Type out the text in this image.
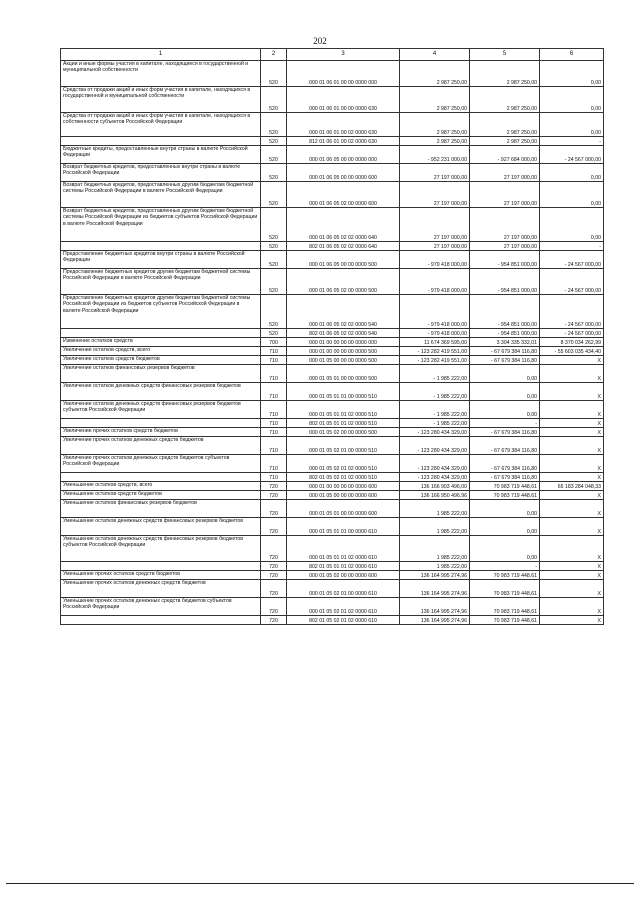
202
1	2	3	4	5	6
Акции и иные формы участия в капитале, находящиеся в государственной и муниципальной собственности	520	000 01 06 01 00 00 0000 000	2 987 250,00	2 987 250,00	0,00
Средства от продажи акций и иных форм участия в капитале, находящихся в государственной и муниципальной собственности	520	000 01 06 01 00 00 0000 630	2 987 250,00	2 987 250,00	0,00
Средства от продажи акций и иных форм участия в капитале, находящихся в собственности субъектов Российской Федерации	520	000 01 06 01 00 02 0000 630	2 987 250,00	2 987 250,00	0,00
	520	812 01 06 01 00 02 0000 630	2 987 250,00	2 987 250,00	-
Бюджетные кредиты, предоставленные внутри страны в валюте Российской Федерации	520	000 01 06 05 00 00 0000 000	- 952 231 000,00	- 927 684 000,00	- 24 567 000,00
Возврат бюджетных кредитов, предоставленных внутри страны в валюте Российской Федерации	520	000 01 06 05 00 00 0000 600	27 197 000,00	27 197 000,00	0,00
Возврат бюджетных кредитов, предоставленных другим бюджетам бюджетной системы Российской Федерации в валюте Российской Федерации	520	000 01 06 05 02 00 0000 600	27 197 000,00	27 197 000,00	0,00
Возврат бюджетных кредитов, предоставленных другим бюджетам бюджетной системы Российской Федерации из бюджетов субъектов Российской Федерации в валюте Российской Федерации	520	000 01 06 05 02 02 0000 640	27 197 000,00	27 197 000,00	0,00
	520	802 01 06 05 02 02 0000 640	27 197 000,00	27 197 000,00	-
Предоставление бюджетных кредитов внутри страны в валюте Российской Федерации	520	000 01 06 05 00 00 0000 500	- 979 418 000,00	- 954 851 000,00	- 24 567 000,00
Предоставление бюджетных кредитов другим бюджетам бюджетной системы Российской Федерации в валюте Российской Федерации	520	000 01 06 05 02 00 0000 500	- 979 418 000,00	- 954 851 000,00	- 24 567 000,00
Предоставление бюджетных кредитов другим бюджетам бюджетной системы Российской Федерации из бюджетов субъектов Российской Федерации в валюте Российской Федерации	520	000 01 06 05 02 02 0000 540	- 979 418 000,00	- 954 851 000,00	- 24 567 000,00
	520	802 01 06 05 02 02 0000 540	- 979 418 000,00	- 954 851 000,00	- 24 567 000,00
Изменение остатков средств	700	000 01 00 00 00 00 0000 000	11 674 369 595,00	3 304 335 332,01	8 370 034 262,99
Увеличение остатков средств, всего	710	000 01 00 00 00 00 0000 500	- 123 282 419 551,00	- 67 679 384 116,80	- 55 603 035 434,40
Увеличение остатков средств бюджетов	710	000 01 05 00 00 00 0000 500	- 123 282 419 551,00	- 67 679 384 116,80	X
Увеличение остатков финансовых резервов бюджетов	710	000 01 05 01 00 00 0000 500	- 1 985 222,00	0,00	X
Увеличение остатков денежных средств финансовых резервов бюджетов	710	000 01 05 01 01 00 0000 510	- 1 985 222,00	0,00	X
Увеличение остатков денежных средств финансовых резервов бюджетов субъектов Российской Федерации	710	000 01 05 01 01 02 0000 510	- 1 985 222,00	0,00	X
	710	802 01 05 01 01 02 0000 510	- 1 985 222,00	-	X
Увеличение прочих остатков средств бюджетов	710	000 01 05 02 00 00 0000 500	- 123 280 434 329,00	- 67 679 384 116,80	X
Увеличение прочих остатков денежных средств бюджетов	710	000 01 05 02 01 00 0000 510	- 123 280 434 329,00	- 67 679 384 116,80	X
Увеличение прочих остатков денежных средств бюджетов субъектов Российской Федерации	710	000 01 05 02 01 02 0000 510	- 123 280 434 329,00	- 67 679 384 116,80	X
	710	802 01 05 02 01 02 0000 510	- 123 280 434 329,00	- 67 679 384 116,80	X
Уменьшение остатков средств, всего	720	000 01 00 00 00 00 0000 600	136 166 903 496,00	70 983 719 448,61	65 183 284 048,33
Уменьшение остатков средств бюджетов	720	000 01 05 00 00 00 0000 600	136 166 950 496,96	70 983 719 448,61	X
Уменьшение остатков финансовых резервов бюджетов	720	000 01 05 01 00 00 0000 600	1 985 222,00	0,00	X
Уменьшение остатков денежных средств финансовых резервов бюджетов	720	000 01 05 01 01 00 0000 610	1 985 222,00	0,00	X
Уменьшение остатков денежных средств финансовых резервов бюджетов субъектов Российской Федерации	720	000 01 05 01 01 02 0000 610	1 985 222,00	0,00	X
	720	802 01 05 01 01 02 0000 610	1 985 222,00	-	X
Уменьшение прочих остатков средств бюджетов	720	000 01 05 02 00 00 0000 600	136 164 995 274,96	70 983 719 448,61	X
Уменьшение прочих остатков денежных средств бюджетов	720	000 01 05 02 01 00 0000 610	136 164 995 274,96	70 983 719 448,61	X
Уменьшение прочих остатков денежных средств бюджетов субъектов Российской Федерации	720	000 01 05 02 01 02 0000 610	136 164 995 274,96	70 983 719 448,61	X
	720	802 01 05 02 01 02 0000 610	136 164 995 274,96	70 983 719 448,61	X
